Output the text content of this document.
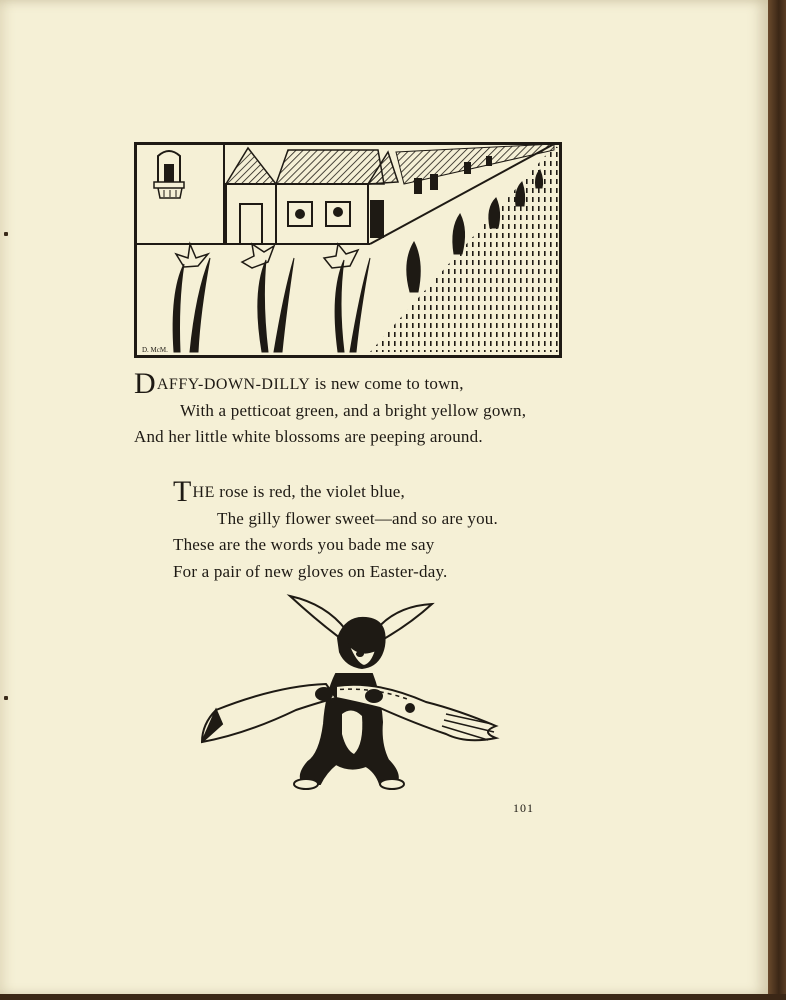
D. McM.
DAFFY-DOWN-DILLY is new come to town,
With a petticoat green, and a bright yellow gown,
And her little white blossoms are peeping around.
THE rose is red, the violet blue,
The gilly flower sweet—and so are you.
These are the words you bade me say
For a pair of new gloves on Easter-day.
101
